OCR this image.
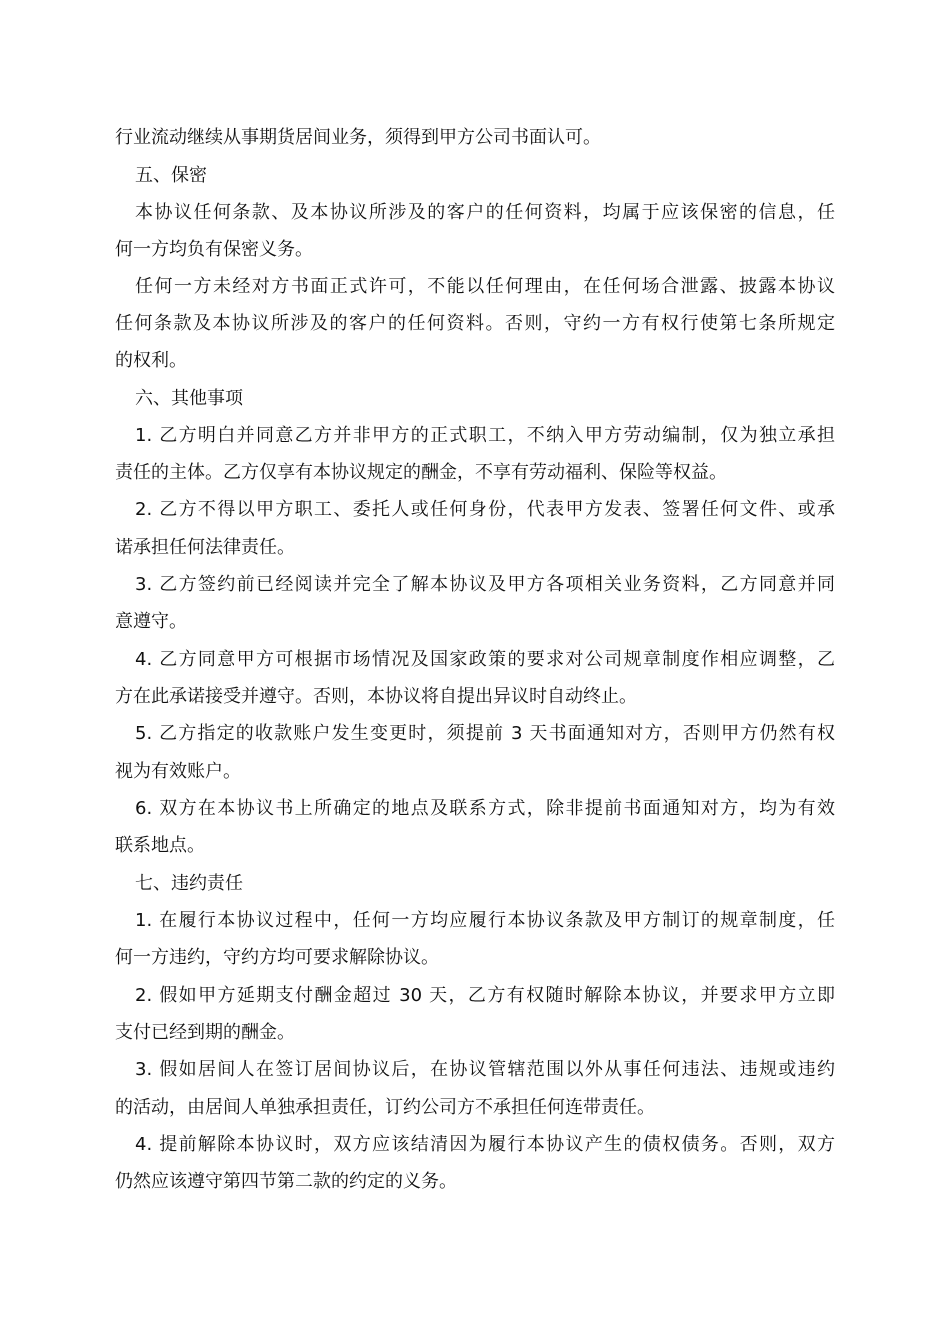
行业流动继续从事期货居间业务，须得到甲方公司书面认可。
五、保密
本协议任何条款、及本协议所涉及的客户的任何资料，均属于应该保密的信息，任
何一方均负有保密义务。
任何一方未经对方书面正式许可，不能以任何理由，在任何场合泄露、披露本协议
任何条款及本协议所涉及的客户的任何资料。否则，守约一方有权行使第七条所规定
的权利。
六、其他事项
1. 乙方明白并同意乙方并非甲方的正式职工，不纳入甲方劳动编制，仅为独立承担
责任的主体。乙方仅享有本协议规定的酬金，不享有劳动福利、保险等权益。
2. 乙方不得以甲方职工、委托人或任何身份，代表甲方发表、签署任何文件、或承
诺承担任何法律责任。
3. 乙方签约前已经阅读并完全了解本协议及甲方各项相关业务资料，乙方同意并同
意遵守。
4. 乙方同意甲方可根据市场情况及国家政策的要求对公司规章制度作相应调整，乙
方在此承诺接受并遵守。否则，本协议将自提出异议时自动终止。
5. 乙方指定的收款账户发生变更时，须提前 3 天书面通知对方，否则甲方仍然有权
视为有效账户。
6. 双方在本协议书上所确定的地点及联系方式，除非提前书面通知对方，均为有效
联系地点。
七、违约责任
1. 在履行本协议过程中，任何一方均应履行本协议条款及甲方制订的规章制度，任
何一方违约，守约方均可要求解除协议。
2. 假如甲方延期支付酬金超过 30 天，乙方有权随时解除本协议，并要求甲方立即
支付已经到期的酬金。
3. 假如居间人在签订居间协议后，在协议管辖范围以外从事任何违法、违规或违约
的活动，由居间人单独承担责任，订约公司方不承担任何连带责任。
4. 提前解除本协议时，双方应该结清因为履行本协议产生的债权债务。否则，双方
仍然应该遵守第四节第二款的约定的义务。
